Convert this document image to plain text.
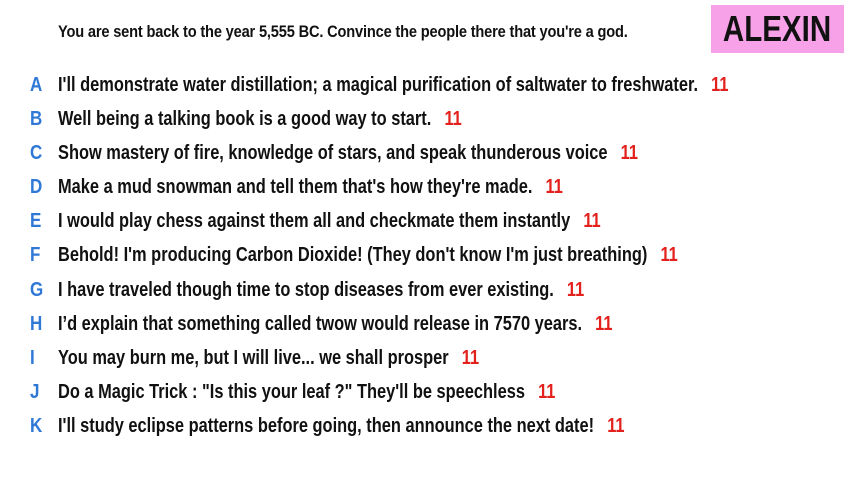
You are sent back to the year 5,555 BC. Convince the people there that you're a god.	ALEXIN
A I'll demonstrate water distillation; a magical purification of saltwater to freshwater. 11
B Well being a talking book is a good way to start. 11
C Show mastery of fire, knowledge of stars, and speak thunderous voice 11
D Make a mud snowman and tell them that's how they're made. 11
E I would play chess against them all and checkmate them instantly 11
F Behold! I'm producing Carbon Dioxide! (They don't know I'm just breathing) 11
G I have traveled though time to stop diseases from ever existing. 11
H I’d explain that something called twow would release in 7570 years. 11
I	You may burn me, but I will live... we shall prosper 11
J Do a Magic Trick : "Is this your leaf ?" They'll be speechless 11
K I'll study eclipse patterns before going, then announce the next date! 11
